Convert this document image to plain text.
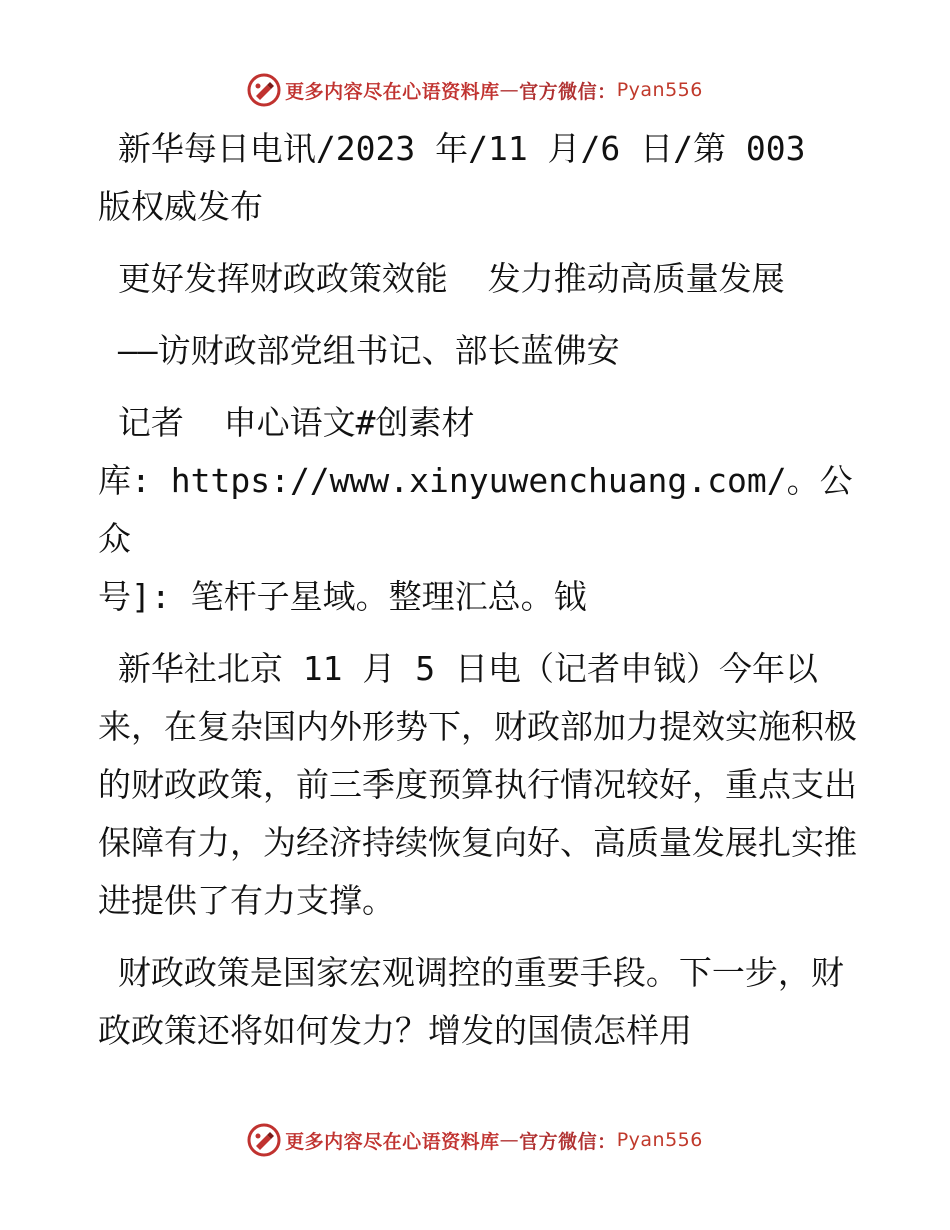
更多内容尽在心语资料库 — 官方微信： Pyan556

新华每日电讯/2023 年/11 月/6 日/第 003 版权威发布

更好发挥财政政策效能  发力推动高质量发展

——访财政部党组书记、部长蓝佛安

记者  申心语文#创素材

库: https://www.xinyuwenchuang.com/。公众

号]: 笔杆子星域。整理汇总。钺

新华社北京 11 月 5 日电（记者申钺）今年以来，在复杂国内外形势下，财政部加力提效实施积极的财政政策，前三季度预算执行情况较好，重点支出保障有力，为经济持续恢复向好、高质量发展扎实推进提供了有力支撑。

财政政策是国家宏观调控的重要手段。下一步，财政政策还将如何发力？增发的国债怎样用

更多内容尽在心语资料库 — 官方微信： Pyan556
